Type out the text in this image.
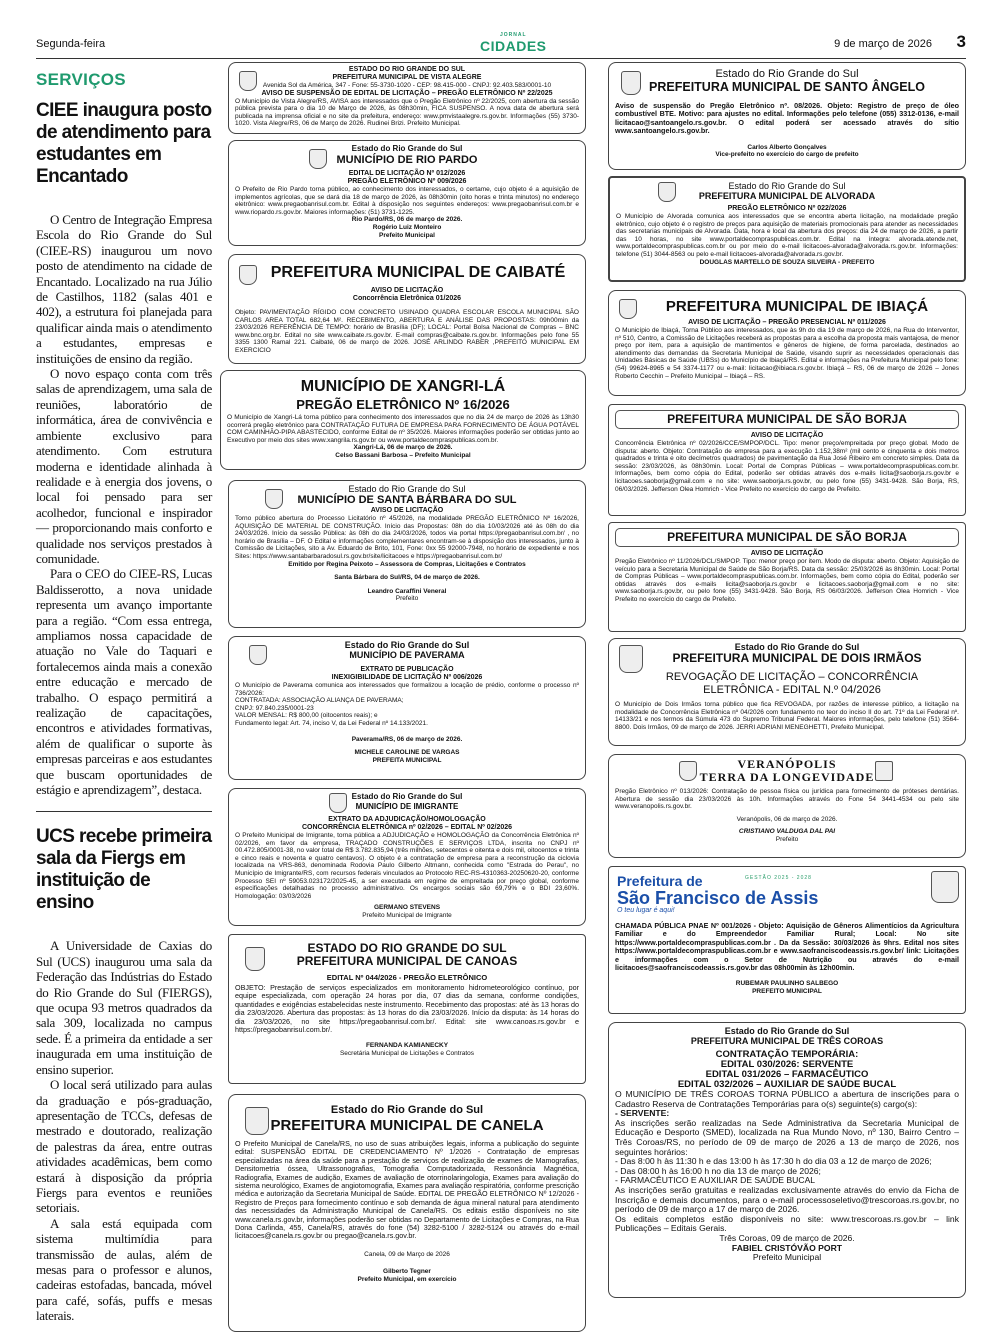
Segunda-feira
JORNAL
CIDADES	9 de março de 2026 3
SERVIÇOS
CIEE inaugura posto de atendimento para estudantes em Encantado

O Centro de Integração Empresa Escola do Rio Grande do Sul (CIEE-RS) inaugurou um novo posto de atendimento na cidade de Encantado. Localizado na rua Júlio de Castilhos, 1182 (salas 401 e 402), a estrutura foi planejada para qualificar ainda mais o atendimento a estudantes, empresas e instituições de ensino da região.

O novo espaço conta com três salas de aprendizagem, uma sala de reuniões, laboratório de informática, área de convivência e ambiente exclusivo para atendimento. Com estrutura moderna e identidade alinhada à realidade e à energia dos jovens, o local foi pensado para ser acolhedor, funcional e inspirador — proporcionando mais conforto e qualidade nos serviços prestados à comunidade.

Para o CEO do CIEE-RS, Lucas Baldisserotto, a nova unidade representa um avanço importante para a região. “Com essa entrega, ampliamos nossa capacidade de atuação no Vale do Taquari e fortalecemos ainda mais a conexão entre educação e mercado de trabalho. O espaço permitirá a realização de capacitações, encontros e atividades formativas, além de qualificar o suporte às empresas parceiras e aos estudantes que buscam oportunidades de estágio e aprendizagem”, destaca.

UCS recebe primeira sala da Fiergs em instituição de ensino

A Universidade de Caxias do Sul (UCS) inaugurou uma sala da Federação das Indústrias do Estado do Rio Grande do Sul (FIERGS), que ocupa 93 metros quadrados da sala 309, localizada no campus sede. É a primeira da entidade a ser inaugurada em uma instituição de ensino superior.

O local será utilizado para aulas da graduação e pós-graduação, apresentação de TCCs, defesas de mestrado e doutorado, realização de palestras da área, entre outras atividades acadêmicas, bem como estará à disposição da própria Fiergs para eventos e reuniões setoriais.

A sala está equipada com sistema multimídia para transmissão de aulas, além de mesas para o professor e alunos, cadeiras estofadas, bancada, móvel para café, sofás, puffs e mesas laterais.

ESTADO DO RIO GRANDE DO SUL
PREFEITURA MUNICIPAL DE VISTA ALEGRE
Avenida Sol da América, 347 - Fone: 55-3730-1020 - CEP: 98.415-000 - CNPJ: 92.403.583/0001-10
AVISO DE SUSPENSÃO DE EDITAL DE LICITAÇÃO – PREGÃO ELETRÔNICO Nº 22/2025
O Município de Vista Alegre/RS, AVISA aos interessados que o Pregão Eletrônico nº 22/2025, com abertura da sessão pública prevista para o dia 10 de Março de 2026, às 08h30min, FICA SUSPENSO. A nova data de abertura será publicada na imprensa oficial e no site da prefeitura, endereço: www.pmvistaalegre.rs.gov.br. Informações (55) 3730-1020. Vista Alegre/RS, 06 de Março de 2026. Rudinei Brizi. Prefeito Municipal.
Estado do Rio Grande do Sul
MUNICÍPIO DE RIO PARDO
EDITAL DE LICITAÇÃO Nº 012/2026
PREGÃO ELETRÔNICO Nº 009/2026
O Prefeito de Rio Pardo torna público, ao conhecimento dos interessados, o certame, cujo objeto é a aquisição de implementos agrícolas, que se dará dia 18 de março de 2026, às 08h30min (oito horas e trinta minutos) no endereço eletrônico: www.pregaobanrisul.com.br. Edital à disposição nos seguintes endereços: www.pregaobanrisul.com.br e www.riopardo.rs.gov.br. Maiores informações: (51) 3731-1225.
Rio Pardo/RS, 06 de março de 2026.
Rogério Luiz Monteiro
Prefeito Municipal
PREFEITURA MUNICIPAL DE CAIBATÉ
AVISO DE LICITAÇÃO
Concorrência Eletrônica 01/2026
Objeto: PAVIMENTAÇÃO RÍGIDO COM CONCRETO USINADO QUADRA ESCOLAR ESCOLA MUNICIPAL SÃO CARLOS AREA TOTAL 682,64 M². RECEBIMENTO, ABERTURA E ANÁLISE DAS PROPOSTAS: 09h00min da 23/03/2026 REFERÊNCIA DE TEMPO: horário de Brasília (DF); LOCAL: Portal Bolsa Nacional de Compras – BNC www.bnc.org.br. Edital no site www.caibate.rs.gov.br. E-mail compras@caibate.rs.gov.br. Informações pelo fone 55 3355 1300 Ramal 221. Caibaté, 06 de março de 2026. JOSÉ ARLINDO RABER ,PREFEITO MUNICIPAL EM EXERCICIO
MUNICÍPIO DE XANGRI-LÁ
PREGÃO ELETRÔNICO Nº 16/2026
O Município de Xangri-Lá torna público para conhecimento dos interessados que no dia 24 de março de 2026 às 13h30 ocorrerá pregão eletrônico para CONTRATAÇÃO FUTURA DE EMPRESA PARA FORNECIMENTO DE ÁGUA POTÁVEL COM CAMINHÃO-PIPA ABASTECIDO, conforme Edital de nº 35/2026. Maiores informações poderão ser obtidas junto ao Executivo por meio dos sites www.xangrila.rs.gov.br ou www.portaldecompraspublicas.com.br.
Xangri-Lá, 06 de março de 2026.
Celso Bassani Barbosa – Prefeito Municipal
Estado do Rio Grande do Sul
MUNICÍPIO DE SANTA BÁRBARA DO SUL
AVISO DE LICITAÇÃO
Torno público abertura do Processo Licitatório nº 45/2026, na modalidade PREGÃO ELETRÔNICO Nº 16/2026, AQUISIÇÃO DE MATERIAL DE CONSTRUÇÃO. Início das Propostas: 08h do dia 10/03/2026 até às 08h do dia 24/03/2026. Início da sessão Pública: às 08h do dia 24/03/2026, todos via portal https://pregaobanrisul.com.br/ , no horário de Brasília – DF. O Edital e informações complementares encontram-se à disposição dos interessados, junto à Comissão de Licitações, sito a Av. Eduardo de Brito, 101, Fone: 0xx 55 92000-7948, no horário de expediente e nos Sites: https://www.santabarbaradosul.rs.gov.br/site/licitacoes e https://pregaobanrisul.com.br/
Emitido por Regina Peixoto – Assessora de Compras, Licitações e Contratos
Santa Bárbara do Sul/RS, 04 de março de 2026.
Leandro Caraffini Veneral
Prefeito
Estado do Rio Grande do Sul
MUNICÍPIO DE PAVERAMA
EXTRATO DE PUBLICAÇÃO
INEXIGIBILIDADE DE LICITAÇÃO Nº 006/2026
O Município de Paverama comunica aos interessados que formalizou a locação de prédio, conforme o processo nº 736/2026:
CONTRATADA: ASSOCIAÇÃO ALIANÇA DE PAVERAMA;
CNPJ: 97.840.235/0001-23
VALOR MENSAL: R$ 800,00 (oitocentos reais); e
Fundamento legal: Art. 74, inciso V, da Lei Federal nº 14.133/2021.
Paverama/RS, 06 de março de 2026.
MICHELE CAROLINE DE VARGAS
PREFEITA MUNICIPAL
Estado do Rio Grande do Sul
MUNICÍPIO DE IMIGRANTE
EXTRATO DA ADJUDICAÇÃO/HOMOLOGAÇÃO
CONCORRÊNCIA ELETRÔNICA nº 02/2026 – EDITAL Nº 02/2026
O Prefeito Municipal de Imigrante, torna pública a ADJUDICAÇÃO e HOMOLOGAÇÃO da Concorrência Eletrônica nº 02/2026, em favor da empresa, TRAÇADO CONSTRUÇÕES E SERVIÇOS LTDA, inscrita no CNPJ nº 00.472.805/0001-38, no valor total de R$ 3.782.835,94 (três milhões, setecentos e oitenta e dois mil, oitocentos e trinta e cinco reais e noventa e quatro centavos). O objeto é a contratação de empresa para a reconstrução da ciclovia localizada na VRS-863, denominada Rodovia Paulo Gilberto Altmann, conhecida como "Estrada do Perau", no Município de Imigrante/RS, com recursos federais vinculados ao Protocolo REC-RS-4310363-20250620-20, conforme Processo SEI nº 59053.023172/2025-45, a ser executada em regime de empreitada por preço global, conforme especificações detalhadas no processo administrativo. Os encargos sociais são 69,79% e o BDI 23,60%. Homologação: 03/03/2026
GERMANO STEVENS
Prefeito Municipal de Imigrante
ESTADO DO RIO GRANDE DO SUL
PREFEITURA MUNICIPAL DE CANOAS
EDITAL Nº 044/2026 - PREGÃO ELETRÔNICO
OBJETO: Prestação de serviços especializados em monitoramento hidrometeorológico contínuo, por equipe especializada, com operação 24 horas por dia, 07 dias da semana, conforme condições, quantidades e exigências estabelecidas neste instrumento. Recebimento das propostas: até às 13 horas do dia 23/03/2026. Abertura das propostas: às 13 horas do dia 23/03/2026. Início da disputa: às 14 horas do dia 23/03/2026, no site https://pregaobanrisul.com.br/. Edital: site www.canoas.rs.gov.br e https://pregaobanrisul.com.br/.
FERNANDA KAMIANECKY
Secretária Municipal de Licitações e Contratos
Estado do Rio Grande do Sul
PREFEITURA MUNICIPAL DE CANELA
O Prefeito Municipal de Canela/RS, no uso de suas atribuições legais, informa a publicação do seguinte edital: SUSPENSÃO EDITAL DE CREDENCIAMENTO Nº 1/2026 - Contratação de empresas especializadas na área da saúde para a prestação de serviços de realização de exames de Mamografias, Densitometria óssea, Ultrassonografias, Tomografia Computadorizada, Ressonância Magnética, Radiografia, Exames de audição, Exames de avaliação de otorrinolaringologia, Exames para avaliação do sistema neurológico, Exames de angiotomografia, Exames para avaliação respiratória, conforme prescrição médica e autorização da Secretaria Municipal de Saúde. EDITAL DE PREGÃO ELETRÔNICO Nº 12/2026 - Registro de Preços para fornecimento contínuo e sob demanda de água mineral natural para atendimento das necessidades da Administração Municipal de Canela/RS. Os editais estão disponíveis no site www.canela.rs.gov.br, informações poderão ser obtidas no Departamento de Licitações e Compras, na Rua Dona Carlinda, 455, Canela/RS, através do fone (54) 3282-5100 / 3282-5124 ou através do e-mail licitacoes@canela.rs.gov.br ou pregao@canela.rs.gov.br.
Canela, 09 de Março de 2026
Gilberto Tegner
Prefeito Municipal, em exercício
Estado do Rio Grande do Sul
PREFEITURA MUNICIPAL DE SANTO ÂNGELO
Aviso de suspensão do Pregão Eletrônico nº. 08/2026. Objeto: Registro de preço de óleo combustível BTE. Motivo: para ajustes no edital. Informações pelo telefone (055) 3312-0136, e-mail licitacao@santoangelo.rs.gov.br. O edital poderá ser acessado através do sítio www.santoangelo.rs.gov.br.
Carlos Alberto Gonçalves
Vice-prefeito no exercício do cargo de prefeito
Estado do Rio Grande do Sul
PREFEITURA MUNICIPAL DE ALVORADA
PREGÃO ELETRÔNICO Nº 022/2026
O Município de Alvorada comunica aos interessados que se encontra aberta licitação, na modalidade pregão eletrônico, cujo objeto é o registro de preços para aquisição de materiais promocionais para atender as necessidades das secretarias municipais de Alvorada. Data, hora e local da abertura dos preços: dia 24 de março de 2026, a partir das 10 horas, no site www.portaldecompraspublicas.com.br. Edital na íntegra: alvorada.atende.net, www.portaldecompraspublicas.com.br ou por meio do e-mail licitacoes-alvorada@alvorada.rs.gov.br. Informações: telefone (51) 3044-8563 ou pelo e-mail licitacoes-alvorada@alvorada.rs.gov.br.
DOUGLAS MARTELLO DE SOUZA SILVEIRA - PREFEITO
PREFEITURA MUNICIPAL DE IBIAÇÁ
AVISO DE LICITAÇÃO – PREGÃO PRESENCIAL Nº 011/2026
O Município de Ibiaçá, Torna Público aos interessados, que às 9h do dia 19 de março de 2026, na Rua do Interventor, nº 510, Centro, a Comissão de Licitações receberá as propostas para a escolha da proposta mais vantajosa, de menor preço por item, para a aquisição de mantimentos e gêneros de higiene, de forma parcelada, destinados ao atendimento das demandas da Secretaria Municipal de Saúde, visando suprir as necessidades operacionais das Unidades Básicas de Saúde (UBSs) do Município de Ibiaçá/RS. Edital e informações na Prefeitura Municipal pelo fone: (54) 99624-8965 e 54 3374-1177 ou e-mail: licitacao@ibiaca.rs.gov.br. Ibiaçá – RS, 06 de março de 2026 – Jones Roberto Cecchin – Prefeito Municipal – Ibiaçá – RS.
PREFEITURA MUNICIPAL DE SÃO BORJA
AVISO DE LICITAÇÃO
Concorrência Eletrônica nº 02/2026/CCE/SMPOP/DCL. Tipo: menor preço/empreitada por preço global. Modo de disputa: aberto. Objeto: Contratação de empresa para a execução 1.152,38m² (mil cento e cinquenta e dois metros quadrados e trinta e oito decímetros quadrados) de pavimentação da Rua José Ribeiro em concreto simples. Data da sessão: 23/03/2026, às 08h30min. Local: Portal de Compras Públicas – www.portaldecompraspublicas.com.br. Informações, bem como cópia do Edital, poderão ser obtidas através dos e-mails licita@saoborja.rs.gov.br e licitacoes.saoborja@gmail.com e no site: www.saoborja.rs.gov.br, ou pelo fone (55) 3431-9428. São Borja, RS, 06/03/2026. Jefferson Olea Homrich - Vice Prefeito no exercício do cargo de Prefeito.
PREFEITURA MUNICIPAL DE SÃO BORJA
AVISO DE LICITAÇÃO
Pregão Eletrônico nº 11/2026/DCL/SMPOP. Tipo: menor preço por item. Modo de disputa: aberto. Objeto: Aquisição de veículo para a Secretaria Municipal de Saúde de São Borja/RS. Data da sessão: 25/03/2026 às 8h30min. Local: Portal de Compras Públicas – www.portaldecompraspublicas.com.br. Informações, bem como cópia do Edital, poderão ser obtidas através dos e-mails licita@saoborja.rs.gov.br e licitacoes.saoborja@gmail.com e no site: www.saoborja.rs.gov.br, ou pelo fone (55) 3431-9428. São Borja, RS 06/03/2026. Jefferson Olea Homrich - Vice Prefeito no exercício do cargo de Prefeito.
Estado do Rio Grande do Sul
PREFEITURA MUNICIPAL DE DOIS IRMÃOS
REVOGAÇÃO DE LICITAÇÃO – CONCORRÊNCIA ELETRÔNICA - EDITAL N.º 04/2026
O Município de Dois Irmãos torna público que fica REVOGADA, por razões de interesse público, a licitação na modalidade de Concorrência Eletrônica nº 04/2026 com fundamento no teor do inciso II do art. 71º da Lei Federal nº. 14133/21 e nos termos da Súmula 473 do Supremo Tribunal Federal. Maiores informações, pelo telefone (51) 3564-8800. Dois Irmãos, 09 de março de 2026. JERRI ADRIANI MENEGHETTI, Prefeito Municipal.
VERANÓPOLIS
TERRA DA LONGEVIDADE
Pregão Eletrônico nº 013/2026: Contratação de pessoa física ou jurídica para fornecimento de próteses dentárias. Abertura de sessão dia 23/03/2026 às 10h. Informações através do Fone 54 3441-4534 ou pelo site www.veranopolis.rs.gov.br.
Veranópolis, 06 de março de 2026.
CRISTIANO VALDUGA DAL PAI
Prefeito
Prefeitura de
São Francisco de Assis
O teu lugar é aqui!
GESTÃO 2025 - 2028
CHAMADA PÚBLICA PNAE Nº 001/2026 - Objeto: Aquisição de Gêneros Alimentícios da Agricultura Familiar e do Empreendedor Familiar Rural; Local: No site https://www.portaldecompraspublicas.com.br . Da da Sessão: 30/03/2026 às 9hrs. Edital nos sites https://www.portaldecompraspublicas.com.br e www.saofranciscodeassis.rs.gov.br/ link: Licitações e informações com o Setor de Nutrição ou através do e-mail licitacoes@saofranciscodeassis.rs.gov.br das 08h00min às 12h00min.
RUBEMAR PAULINHO SALBEGO
PREFEITO MUNICIPAL
Estado do Rio Grande do Sul
PREFEITURA MUNICIPAL DE TRÊS COROAS
CONTRATAÇÃO TEMPORÁRIA:
EDITAL 030/2026: SERVENTE
EDITAL 031/2026 – FARMACÊUTICO
EDITAL 032/2026 – AUXILIAR DE SAÚDE BUCAL
O MUNICÍPIO DE TRÊS COROAS TORNA PÚBLICO a abertura de inscrições para o Cadastro Reserva de Contratações Temporárias para o(s) seguinte(s) cargo(s):
- SERVENTE:
As inscrições serão realizadas na Sede Administrativa da Secretaria Municipal de Educação e Desporto (SMED), localizada na Rua Mundo Novo, nº 130, Bairro Centro – Três Coroas/RS, no período de 09 de março de 2026 a 13 de março de 2026, nos seguintes horários:
- Das 8:00 h às 11:30 h e das 13:00 h às 17:30 h do dia 03 a 12 de março de 2026;
- Das 08:00 h às 16:00 h no dia 13 de março de 2026;
- FARMACÊUTICO E AUXILIAR DE SAÚDE BUCAL
As inscrições serão gratuitas e realizadas exclusivamente através do envio da Ficha de Inscrição e demais documentos, para o e-mail processoseletivo@trescoroas.rs.gov.br, no período de 09 de março a 17 de março de 2026.
Os editais completos estão disponíveis no site: www.trescoroas.rs.gov.br – link Publicações – Editais Gerais.
Três Coroas, 09 de março de 2026.
FABIEL CRISTÓVÃO PORT
Prefeito Municipal
